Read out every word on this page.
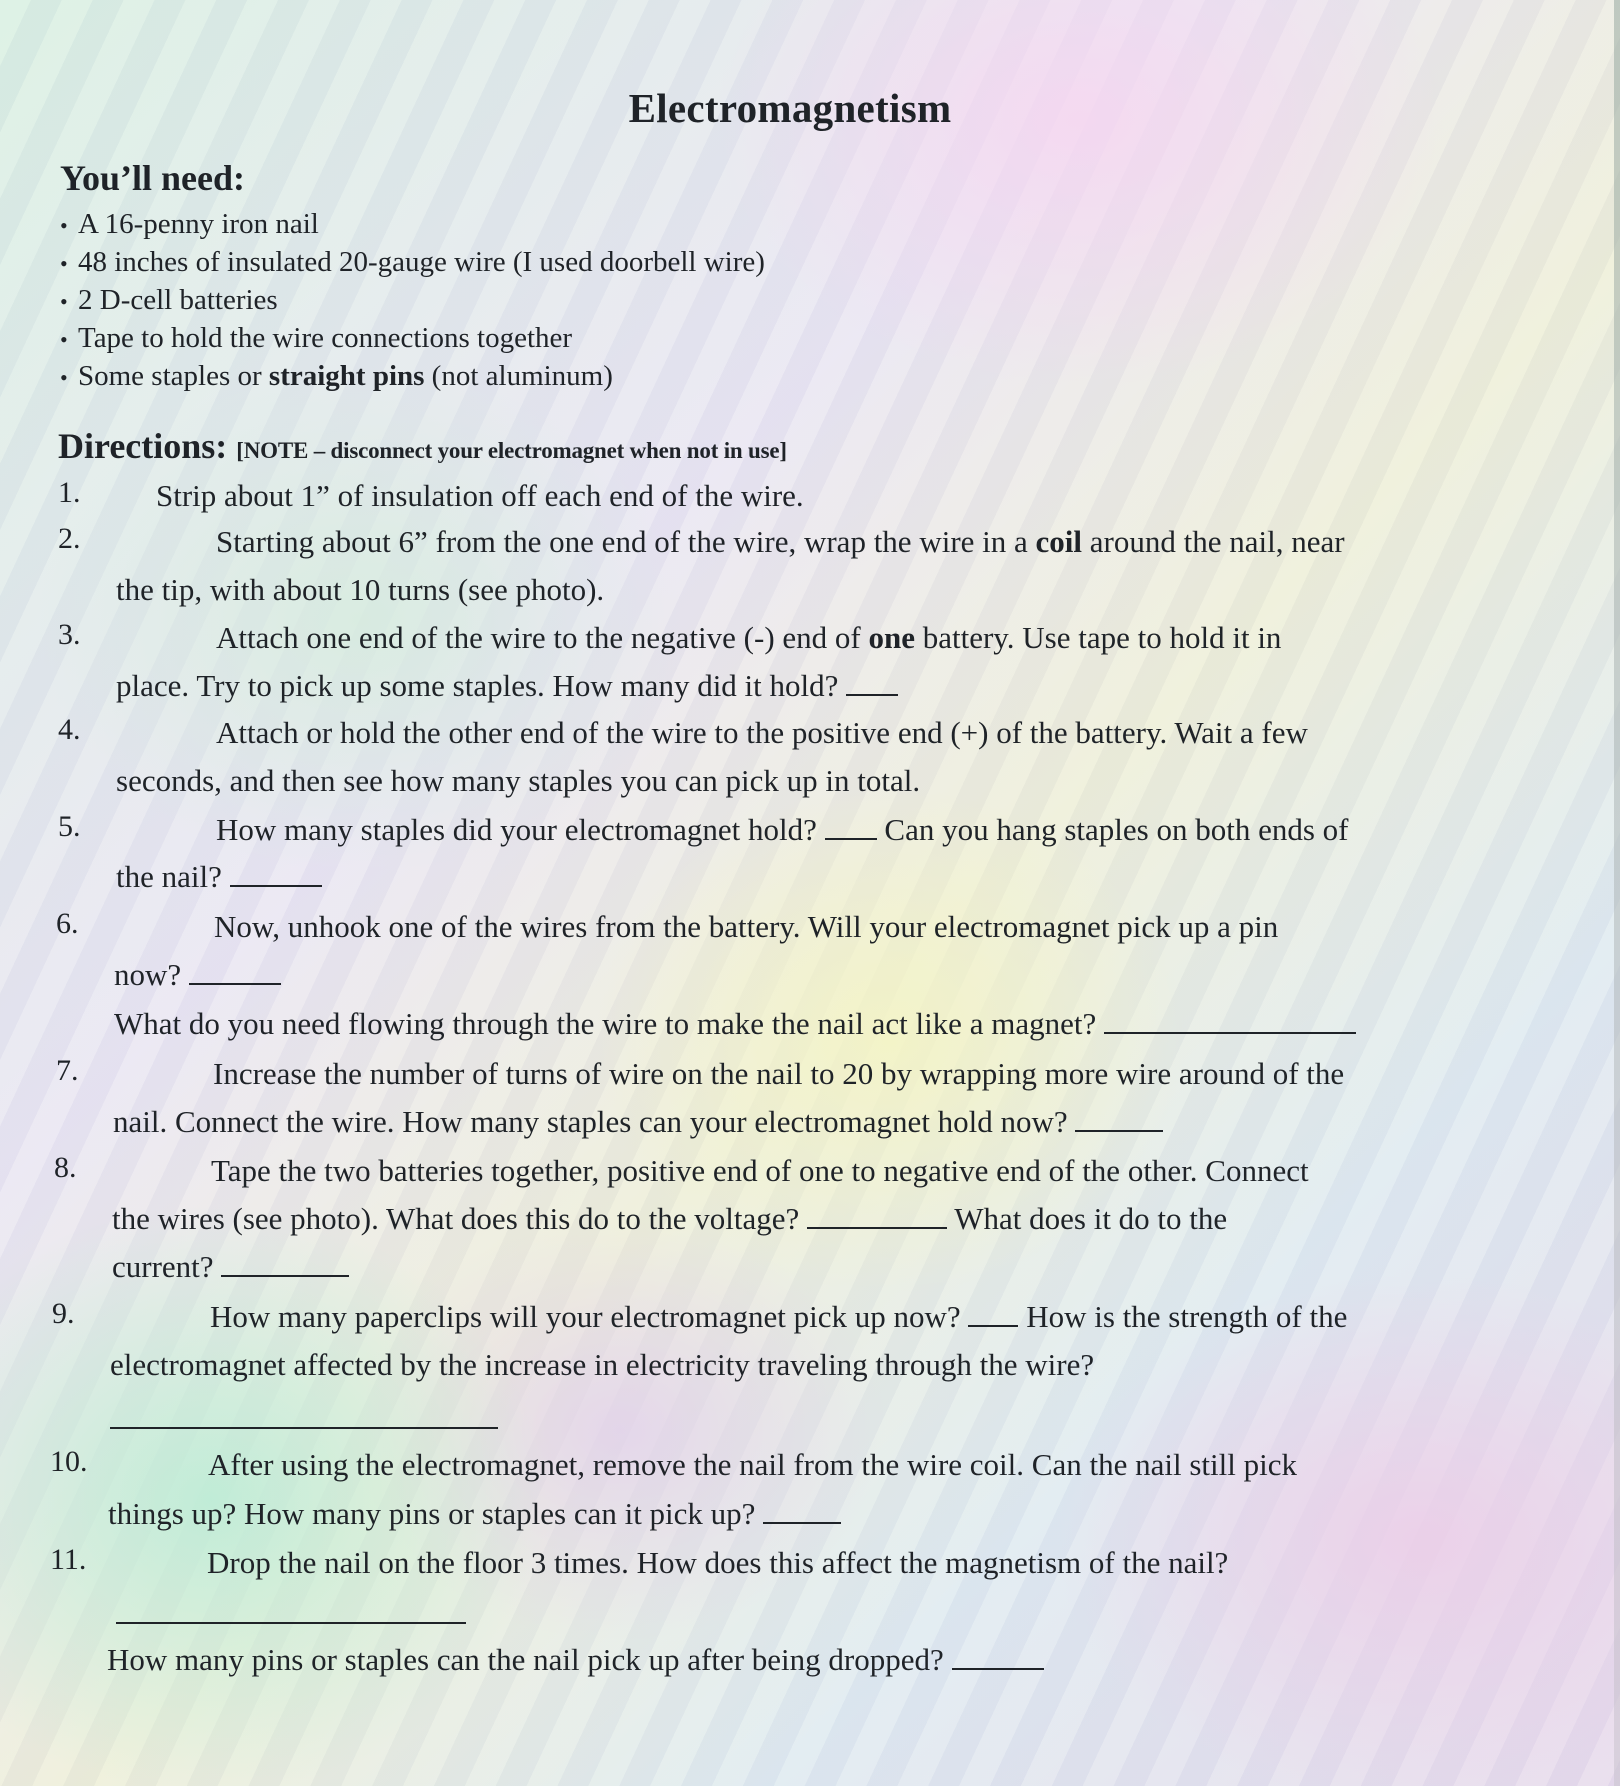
Electromagnetism
You’ll need:
• A 16-penny iron nail
• 48 inches of insulated 20-gauge wire (I used doorbell wire)
• 2 D-cell batteries
• Tape to hold the wire connections together
• Some staples or straight pins (not aluminum)
Directions: [NOTE – disconnect your electromagnet when not in use]
1. Strip about 1” of insulation off each end of the wire.
2.	Starting about 6” from the one end of the wire, wrap the wire in a coil around the nail, near
the tip, with about 10 turns (see photo).
3.	Attach one end of the wire to the negative (-) end of one battery. Use tape to hold it in
place. Try to pick up some staples. How many did it hold?
4.	Attach or hold the other end of the wire to the positive end (+) of the battery. Wait a few
seconds, and then see how many staples you can pick up in total.
5.	How many staples did your electromagnet hold? Can you hang staples on both ends of
the nail?
6.	Now, unhook one of the wires from the battery. Will your electromagnet pick up a pin
now?
What do you need flowing through the wire to make the nail act like a magnet?
7.	Increase the number of turns of wire on the nail to 20 by wrapping more wire around of the
nail. Connect the wire. How many staples can your electromagnet hold now?
8.	Tape the two batteries together, positive end of one to negative end of the other. Connect
the wires (see photo). What does this do to the voltage?	What does it do to the
current?
9.	How many paperclips will your electromagnet pick up now? How is the strength of the
electromagnet affected by the increase in electricity traveling through the wire?
10.	After using the electromagnet, remove the nail from the wire coil. Can the nail still pick
things up? How many pins or staples can it pick up?
11.	Drop the nail on the floor 3 times. How does this affect the magnetism of the nail?
How many pins or staples can the nail pick up after being dropped?
